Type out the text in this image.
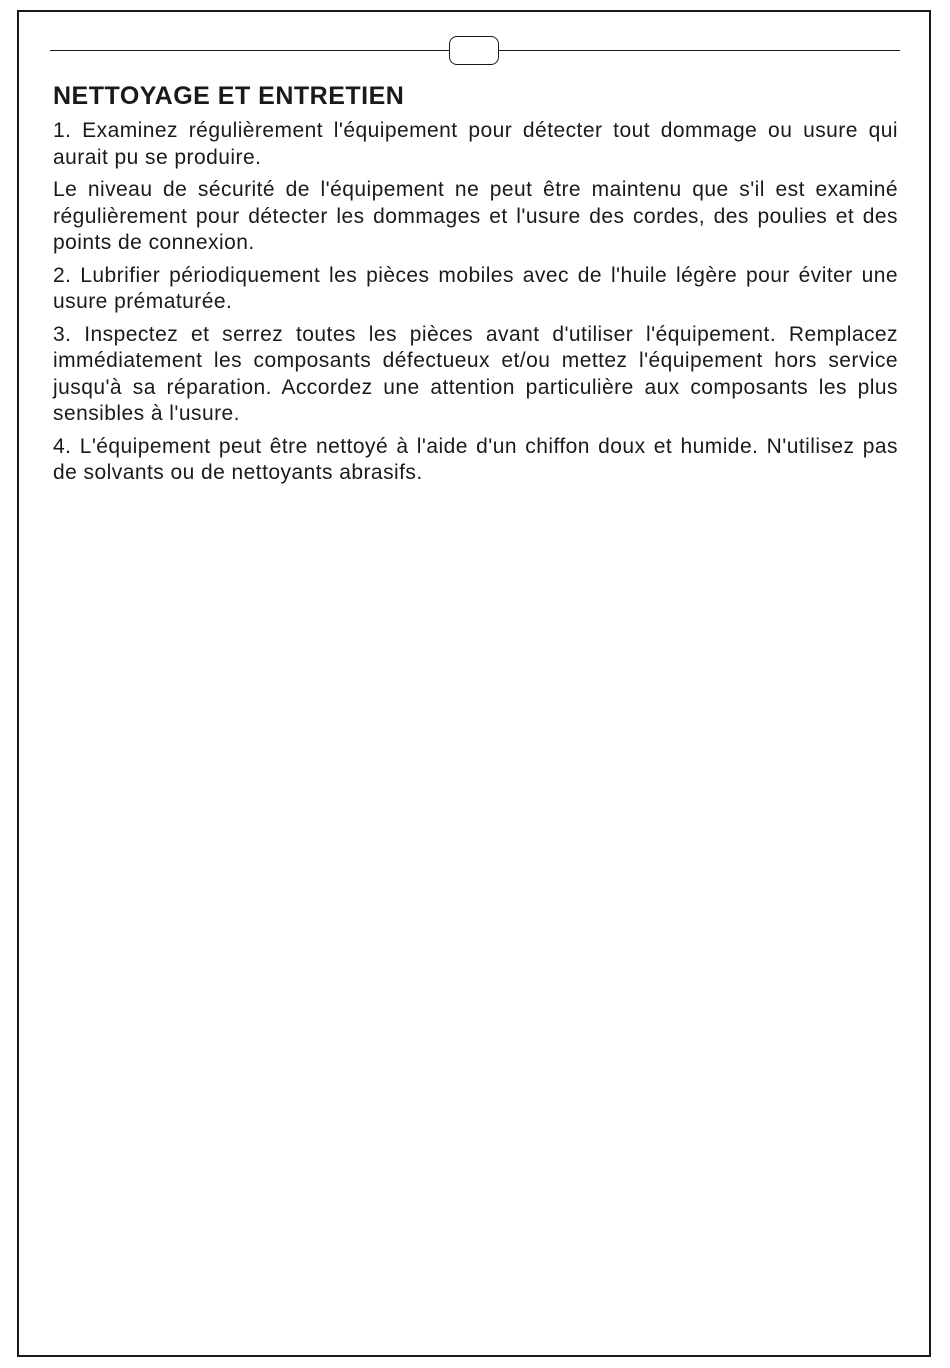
NETTOYAGE ET ENTRETIEN

1. Examinez régulièrement l'équipement pour détecter tout dommage ou usure qui aurait pu se produire.

Le niveau de sécurité de l'équipement ne peut être maintenu que s'il est examiné régulièrement pour détecter les dommages et l'usure des cordes, des poulies et des points de connexion.

2. Lubrifier périodiquement les pièces mobiles avec de l'huile légère pour éviter une usure prématurée.

3. Inspectez et serrez toutes les pièces avant d'utiliser l'équipement. Remplacez immédiatement les composants défectueux et/ou mettez l'équipement hors service jusqu'à sa réparation. Accordez une attention particulière aux composants les plus sensibles à l'usure.

4. L'équipement peut être nettoyé à l'aide d'un chiffon doux et humide. N'utilisez pas de solvants ou de nettoyants abrasifs.
